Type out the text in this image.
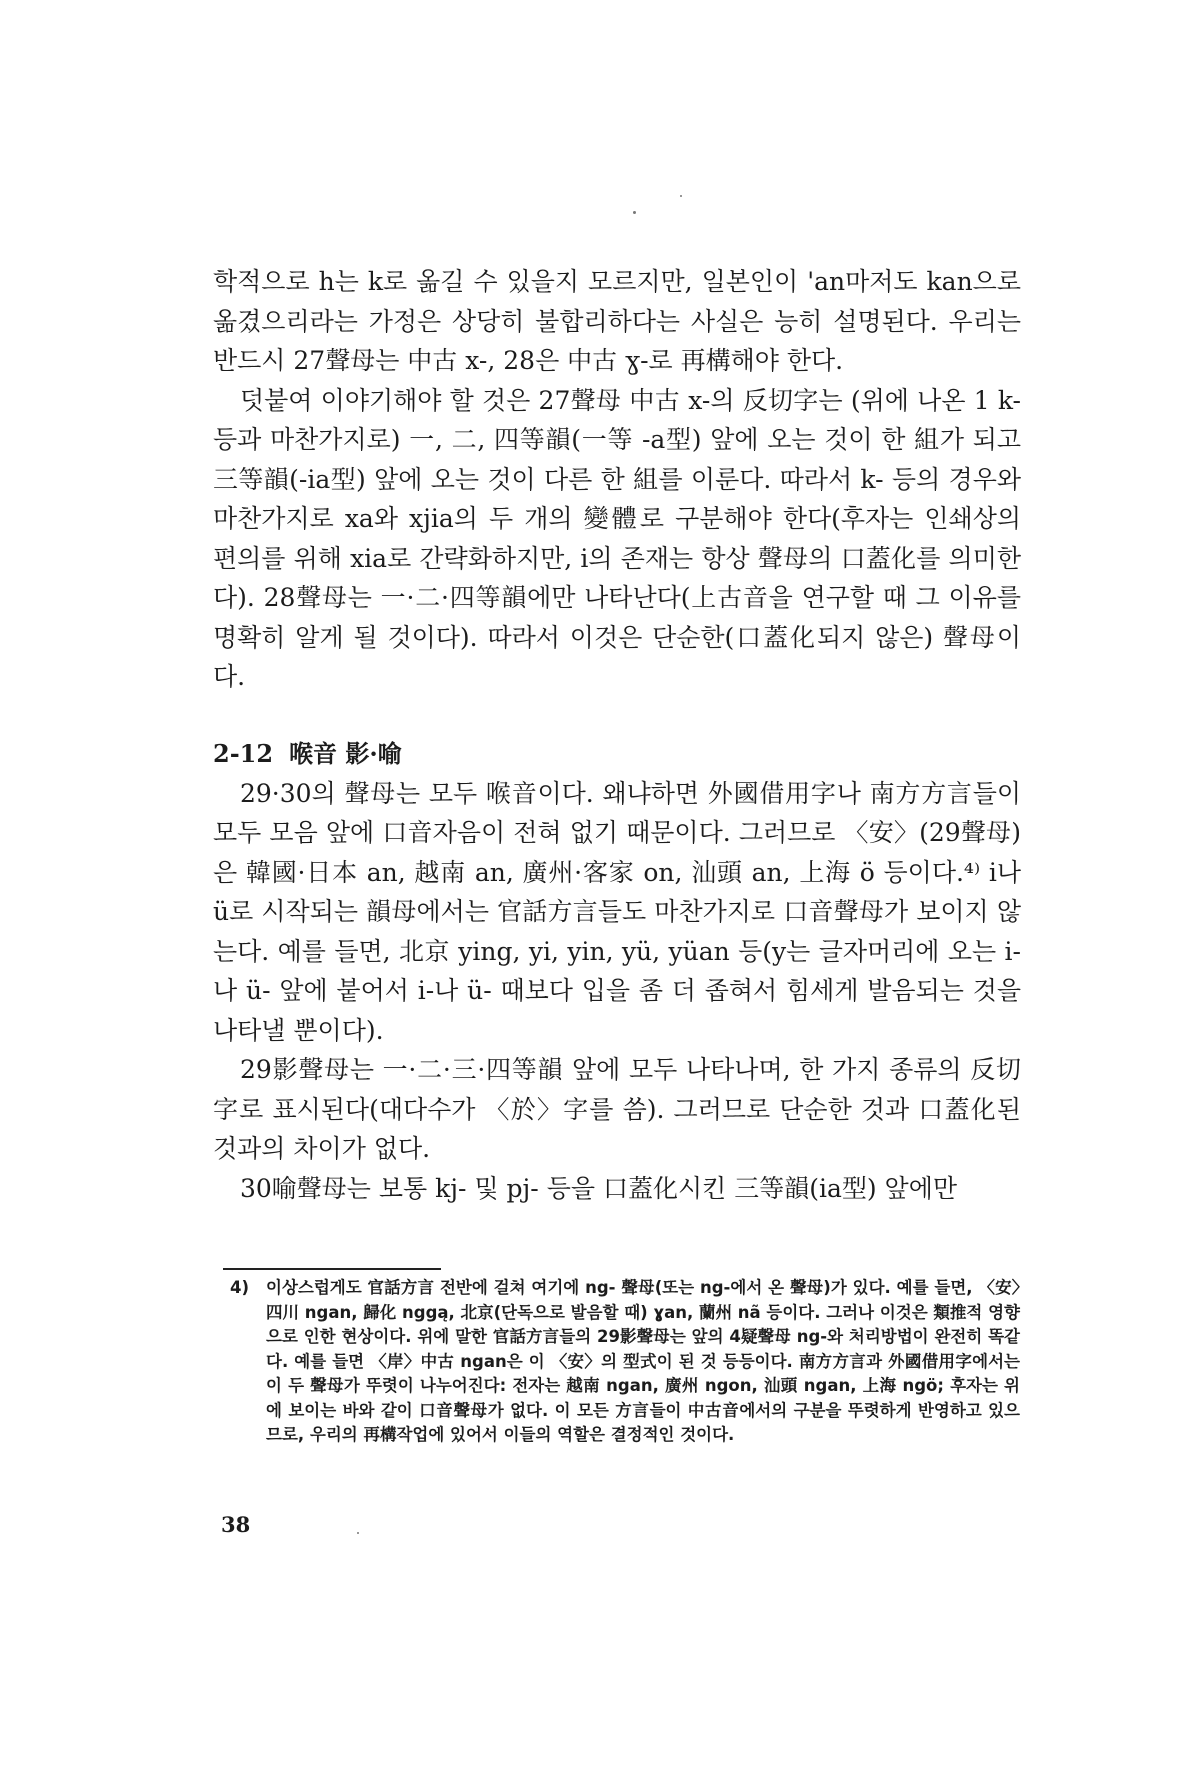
학적으로 h는 k로 옮길 수 있을지 모르지만, 일본인이 'an마저도 kan으로 옮겼으리라는 가정은 상당히 불합리하다는 사실은 능히 설명된다. 우리는 반드시 27聲母는 中古 x-, 28은 中古 ɣ-로 再構해야 한다.

덧붙여 이야기해야 할 것은 27聲母 中古 x-의 反切字는 (위에 나온 1 k- 등과 마찬가지로) 一, 二, 四等韻(一等 -a型) 앞에 오는 것이 한 組가 되고 三等韻(-ia型) 앞에 오는 것이 다른 한 組를 이룬다. 따라서 k- 등의 경우와 마찬가지로 xa와 xjia의 두 개의 變體로 구분해야 한다(후자는 인쇄상의 편의를 위해 xia로 간략화하지만, i의 존재는 항상 聲母의 口蓋化를 의미한다). 28聲母는 一·二·四等韻에만 나타난다(上古音을 연구할 때 그 이유를 명확히 알게 될 것이다). 따라서 이것은 단순한(口蓋化되지 않은) 聲母이다.

2-12 喉音 影·喻

29·30의 聲母는 모두 喉音이다. 왜냐하면 外國借用字나 南方方言들이 모두 모음 앞에 口音자음이 전혀 없기 때문이다. 그러므로 〈安〉(29聲母)은 韓國·日本 an, 越南 an, 廣州·客家 on, 汕頭 an, 上海 ö 등이다.⁴⁾ i나 ü로 시작되는 韻母에서는 官話方言들도 마찬가지로 口音聲母가 보이지 않는다. 예를 들면, 北京 ying, yi, yin, yü, yüan 등(y는 글자머리에 오는 i-나 ü- 앞에 붙어서 i-나 ü- 때보다 입을 좀 더 좁혀서 힘세게 발음되는 것을 나타낼 뿐이다).

29影聲母는 一·二·三·四等韻 앞에 모두 나타나며, 한 가지 종류의 反切字로 표시된다(대다수가 〈於〉字를 씀). 그러므로 단순한 것과 口蓋化된 것과의 차이가 없다.

30喻聲母는 보통 kj- 및 pj- 등을 口蓋化시킨 三等韻(ia型) 앞에만

4) 이상스럽게도 官話方言 전반에 걸쳐 여기에 ng- 聲母(또는 ng-에서 온 聲母)가 있다. 예를 들면, 〈安〉四川 ngan, 歸化 nggą, 北京(단독으로 발음할 때) ɣan, 蘭州 nã 등이다. 그러나 이것은 類推적 영향으로 인한 현상이다. 위에 말한 官話方言들의 29影聲母는 앞의 4疑聲母 ng-와 처리방법이 완전히 똑같다. 예를 들면 〈岸〉中古 ngan은 이 〈安〉의 型式이 된 것 등등이다. 南方方言과 外國借用字에서는 이 두 聲母가 뚜렷이 나누어진다: 전자는 越南 ngan, 廣州 ngon, 汕頭 ngan, 上海 ngö; 후자는 위에 보이는 바와 같이 口音聲母가 없다. 이 모든 方言들이 中古音에서의 구분을 뚜렷하게 반영하고 있으므로, 우리의 再構작업에 있어서 이들의 역할은 결정적인 것이다.
38
